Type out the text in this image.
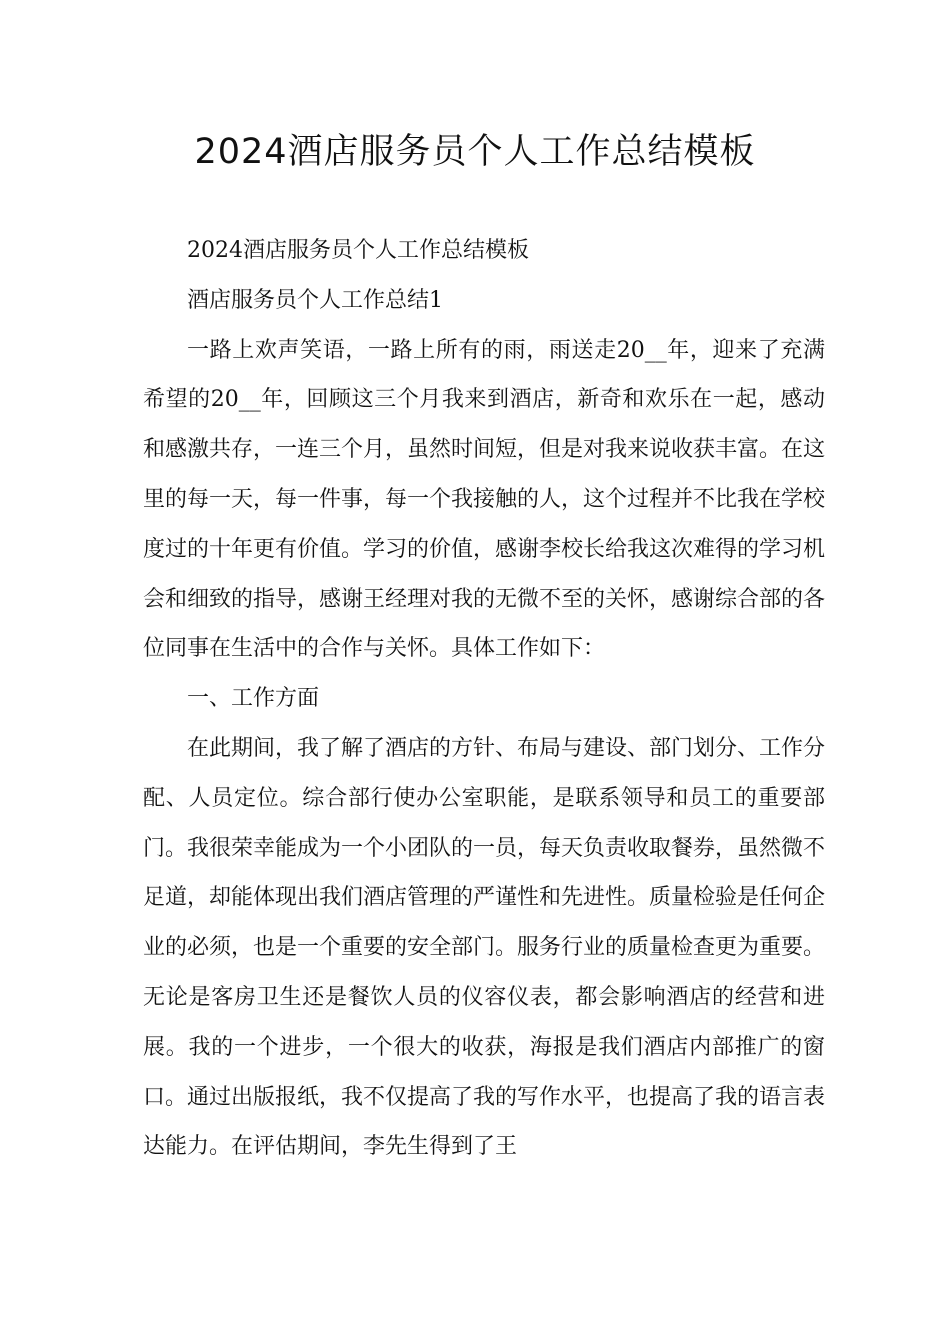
2024酒店服务员个人工作总结模板

2024酒店服务员个人工作总结模板

酒店服务员个人工作总结1

一路上欢声笑语，一路上所有的雨，雨送走20__年，迎来了充满希望的20__年，回顾这三个月我来到酒店，新奇和欢乐在一起，感动和感激共存，一连三个月，虽然时间短，但是对我来说收获丰富。在这里的每一天，每一件事，每一个我接触的人，这个过程并不比我在学校度过的十年更有价值。学习的价值，感谢李校长给我这次难得的学习机会和细致的指导，感谢王经理对我的无微不至的关怀，感谢综合部的各位同事在生活中的合作与关怀。具体工作如下：

一、工作方面

在此期间，我了解了酒店的方针、布局与建设、部门划分、工作分配、人员定位。综合部行使办公室职能，是联系领导和员工的重要部门。我很荣幸能成为一个小团队的一员，每天负责收取餐券，虽然微不足道，却能体现出我们酒店管理的严谨性和先进性。质量检验是任何企业的必须，也是一个重要的安全部门。服务行业的质量检查更为重要。无论是客房卫生还是餐饮人员的仪容仪表，都会影响酒店的经营和进展。我的一个进步，一个很大的收获，海报是我们酒店内部推广的窗口。通过出版报纸，我不仅提高了我的写作水平，也提高了我的语言表达能力。在评估期间，李先生得到了王
